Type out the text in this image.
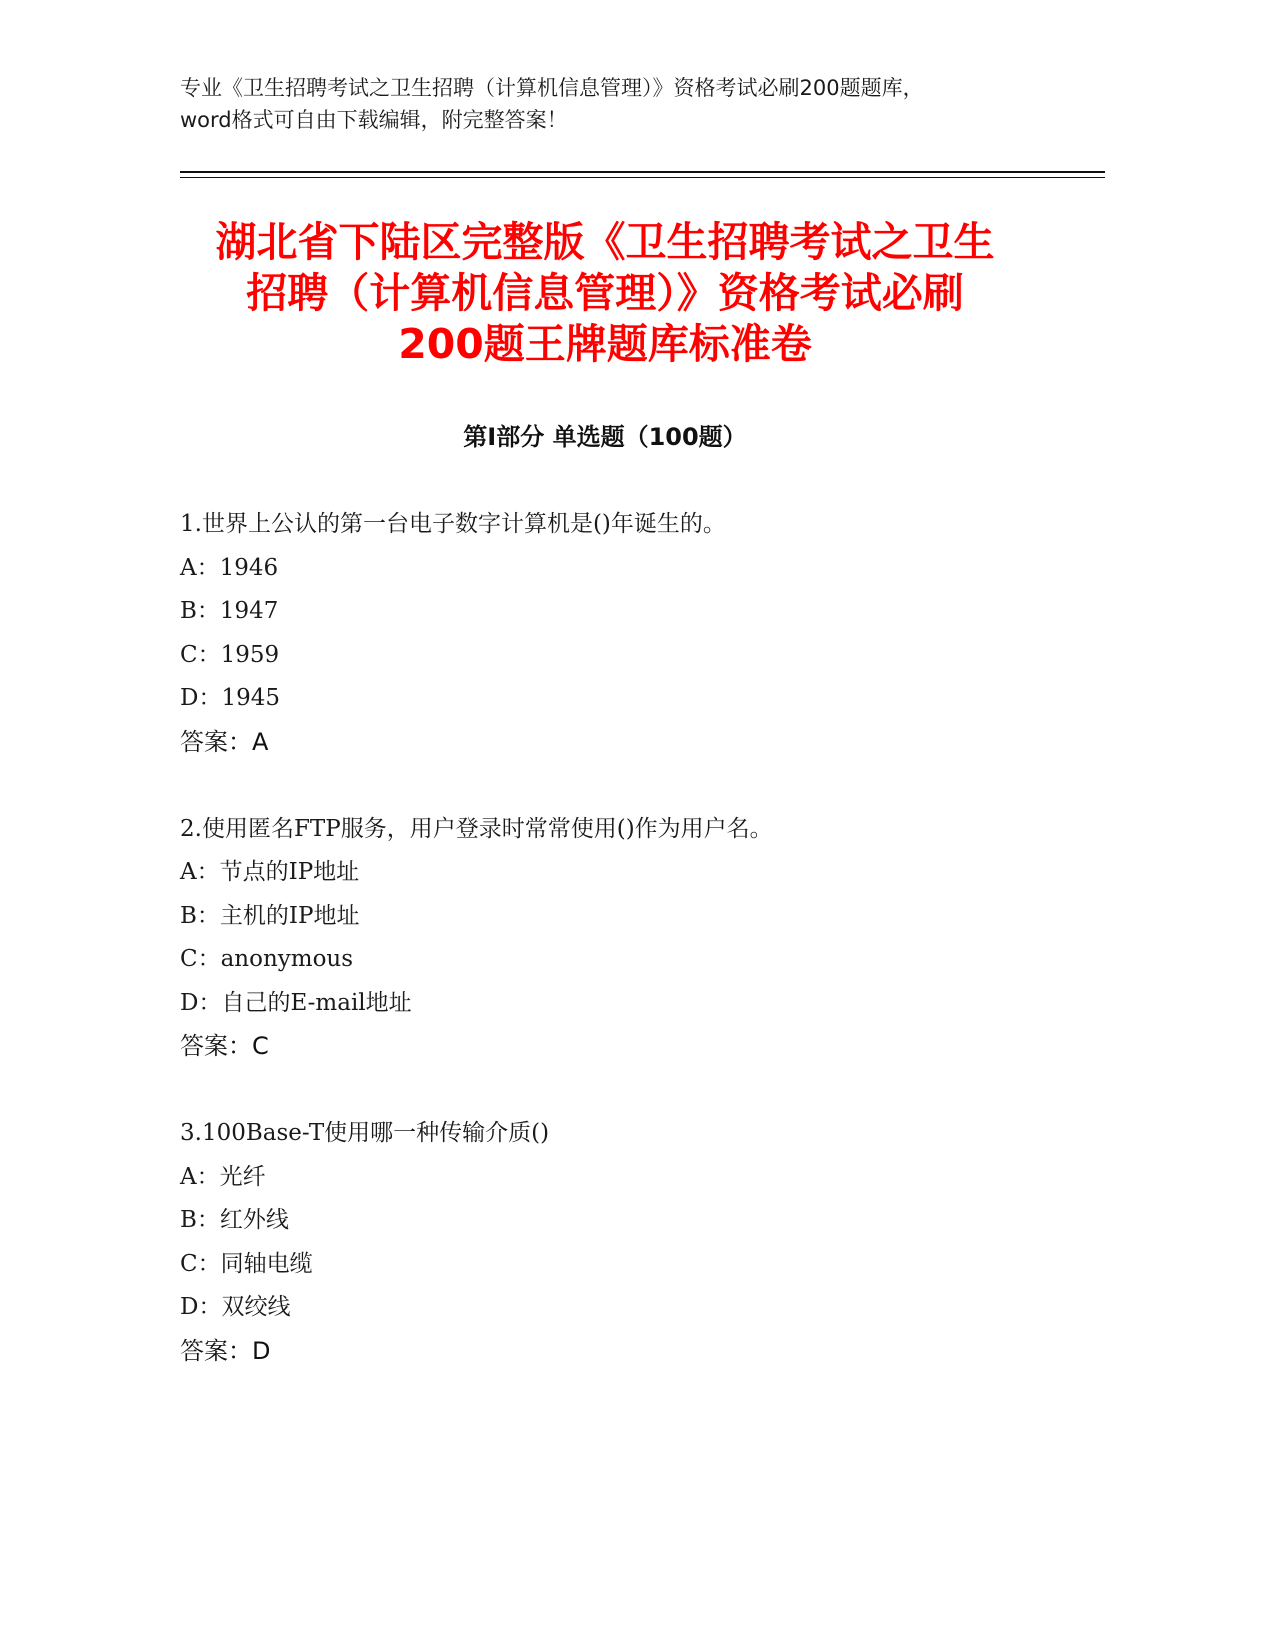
专业《卫生招聘考试之卫生招聘（计算机信息管理）》资格考试必刷200题题库，
word格式可自由下载编辑，附完整答案！
湖北省下陆区完整版《卫生招聘考试之卫生
招聘（计算机信息管理）》资格考试必刷
200题王牌题库标准卷
第Ⅰ部分 单选题（100题）
1.世界上公认的第一台电子数字计算机是()年诞生的。
A：1946
B：1947
C：1959
D：1945
答案：A
2.使用匿名FTP服务，用户登录时常常使用()作为用户名。
A：节点的IP地址
B：主机的IP地址
C：anonymous
D：自己的E-mail地址
答案：C
3.100Base-T使用哪一种传输介质()
A：光纤
B：红外线
C：同轴电缆
D：双绞线
答案：D
